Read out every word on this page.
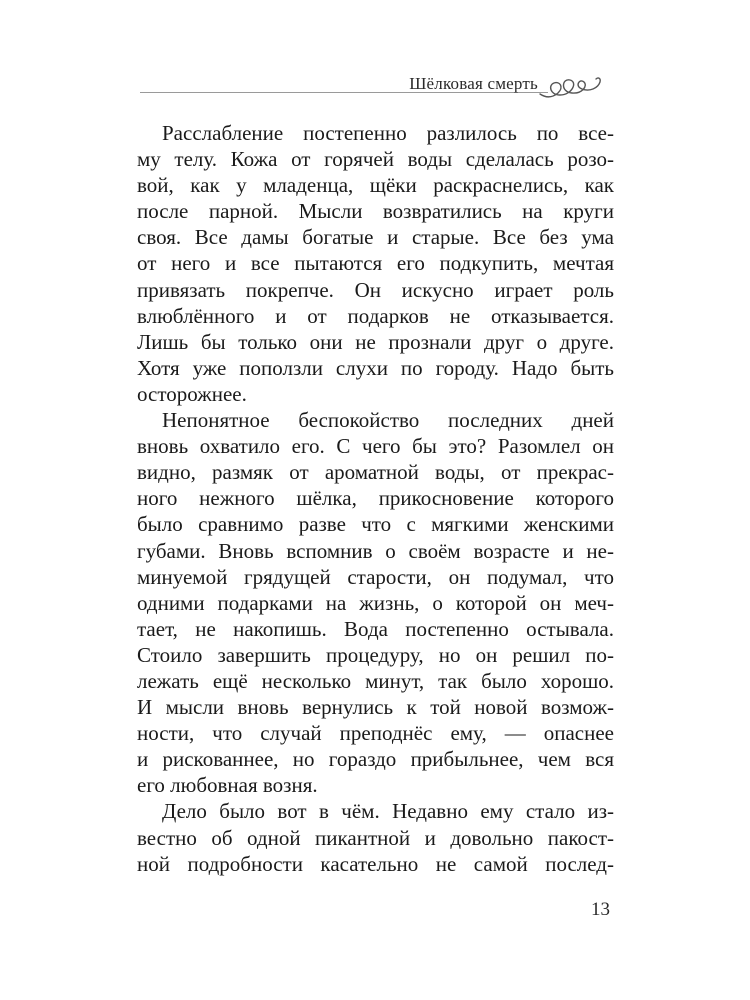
Шёлковая смерть

Расслабление постепенно разлилось по все-
му телу. Кожа от горячей воды сделалась розо-
вой, как у младенца, щёки раскраснелись, как
после парной. Мысли возвратились на круги
своя. Все дамы богатые и старые. Все без ума
от него и все пытаются его подкупить, мечтая
привязать покрепче. Он искусно играет роль
влюблённого и от подарков не отказывается.
Лишь бы только они не прознали друг о друге.
Хотя уже поползли слухи по городу. Надо быть
осторожнее.

Непонятное беспокойство последних дней
вновь охватило его. С чего бы это? Разомлел он
видно, размяк от ароматной воды, от прекрас-
ного нежного шёлка, прикосновение которого
было сравнимо разве что с мягкими женскими
губами. Вновь вспомнив о своём возрасте и не-
минуемой грядущей старости, он подумал, что
одними подарками на жизнь, о которой он меч-
тает, не накопишь. Вода постепенно остывала.
Стоило завершить процедуру, но он решил по-
лежать ещё несколько минут, так было хорошо.
И мысли вновь вернулись к той новой возмож-
ности, что случай преподнёс ему, — опаснее
и рискованнее, но гораздо прибыльнее, чем вся
его любовная возня.

Дело было вот в чём. Недавно ему стало из-
вестно об одной пикантной и довольно пакост-
ной подробности касательно не самой послед-

13
